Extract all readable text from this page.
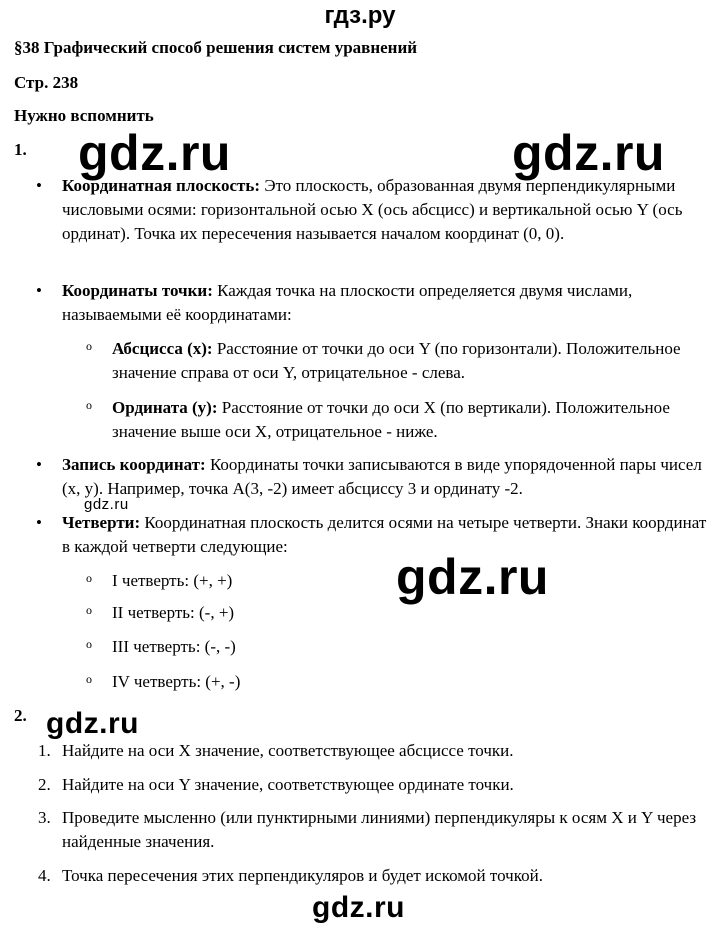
гдз.ру
§38 Графический способ решения систем уравнений
Стр. 238
Нужно вспомнить
1. gdz.ru	gdz.ru
• Координатная плоскость: Это плоскость, образованная двумя перпендикулярными числовыми осями: горизонтальной осью X (ось абсцисс) и вертикальной осью Y (ось ординат). Точка их пересечения называется началом координат (0, 0).
• Координаты точки: Каждая точка на плоскости определяется двумя числами, называемыми её координатами:
o Абсцисса (x): Расстояние от точки до оси Y (по горизонтали). Положительное значение справа от оси Y, отрицательное - слева.
o Ордината (y): Расстояние от точки до оси X (по вертикали). Положительное значение выше оси X, отрицательное - ниже.
• Запись координат: Координаты точки записываются в виде упорядоченной пары чисел (x, y). Например, точка A(3, -2) имеет абсциссу 3 и ординату -2.
gdz.ru
• Четверти: Координатная плоскость делится осями на четыре четверти. Знаки координат в каждой четверти следующие:
gdz.ru
o I четверть: (+, +)
o II четверть: (-, +)
o III четверть: (-, -)
o IV четверть: (+, -)
2. gdz.ru
1. Найдите на оси X значение, соответствующее абсциссе точки.
2. Найдите на оси Y значение, соответствующее ординате точки.
3. Проведите мысленно (или пунктирными линиями) перпендикуляры к осям X и Y через найденные значения.
4. Точка пересечения этих перпендикуляров и будет искомой точкой.
gdz.ru
